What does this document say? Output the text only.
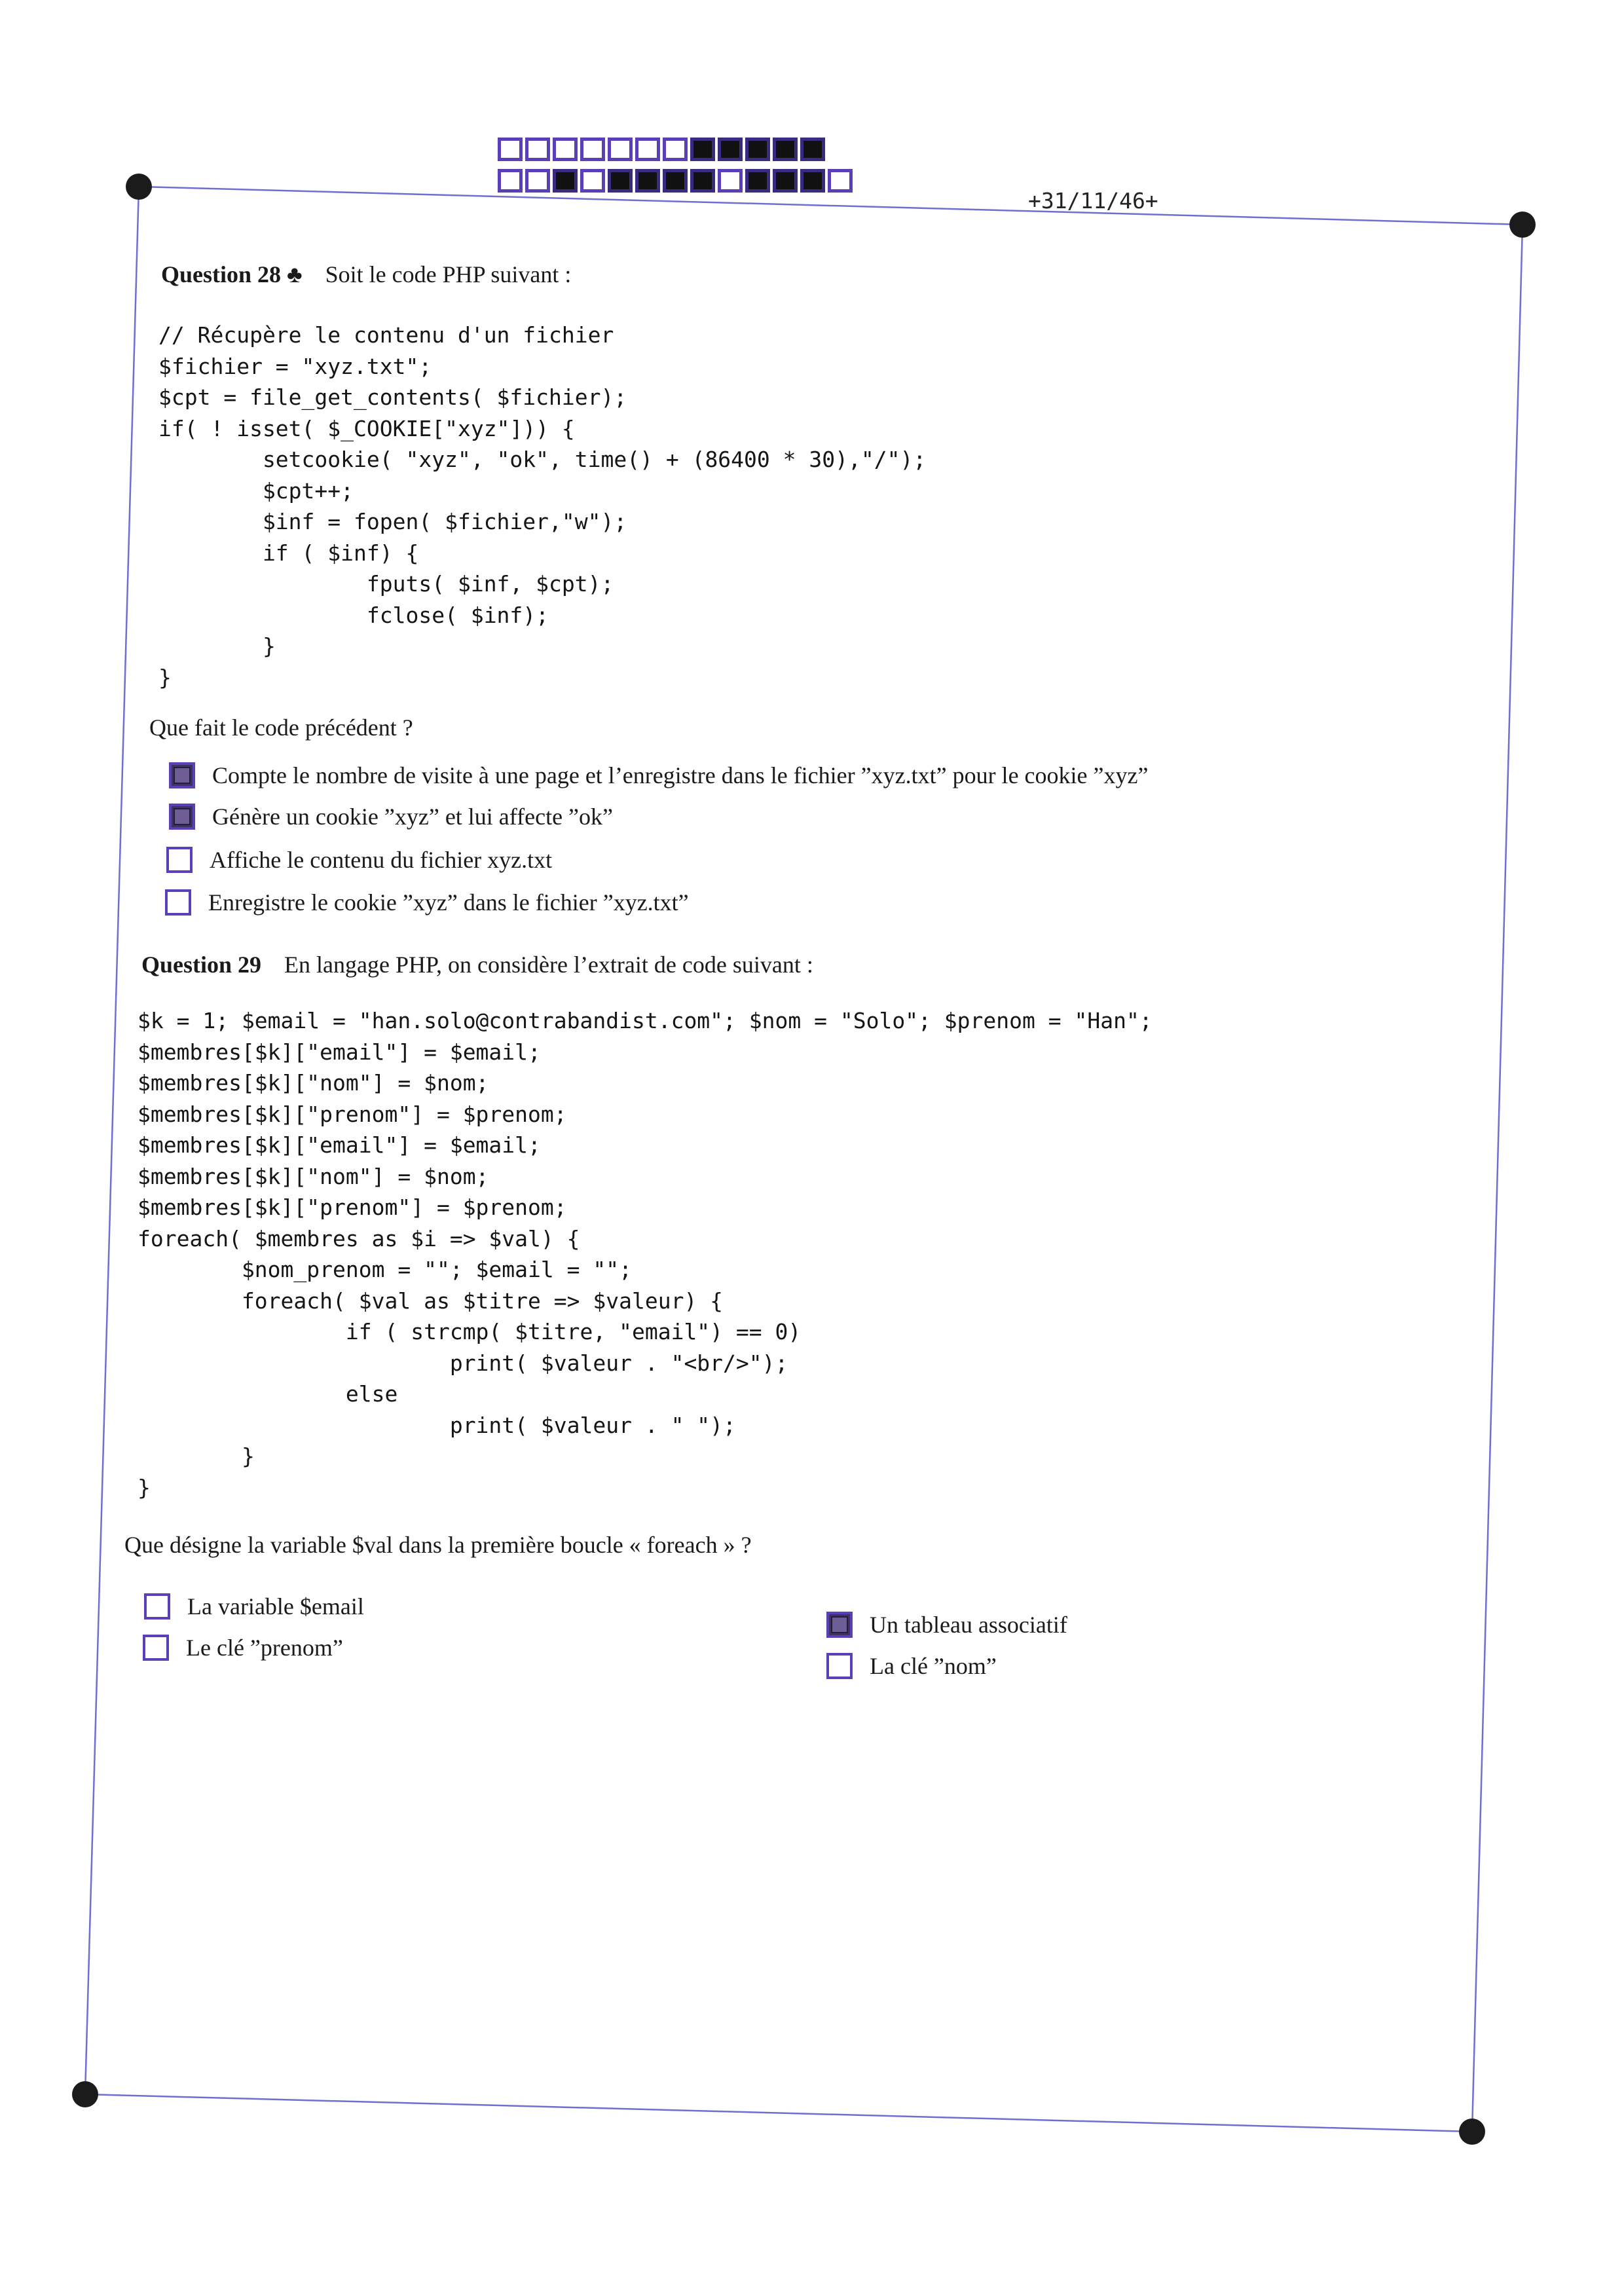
+31/11/46+
Question 28 ♣ Soit le code PHP suivant :
// Récupère le contenu d'un fichier
$fichier = "xyz.txt";
$cpt = file_get_contents( $fichier);
if( ! isset( $_COOKIE["xyz"])) {
setcookie( "xyz", "ok", time() + (86400 * 30),"/");
$cpt++;
$inf = fopen( $fichier,"w");
if ( $inf) {
fputs( $inf, $cpt);
fclose( $inf);
}
}
Que fait le code précédent ?
Compte le nombre de visite à une page et l’enregistre dans le fichier ”xyz.txt” pour le cookie ”xyz”
Génère un cookie ”xyz” et lui affecte ”ok”
Affiche le contenu du fichier xyz.txt
Enregistre le cookie ”xyz” dans le fichier ”xyz.txt”
Question 29 En langage PHP, on considère l’extrait de code suivant :
$k = 1; $email = "han.solo@contrabandist.com"; $nom = "Solo"; $prenom = "Han";
$membres[$k]["email"] = $email;
$membres[$k]["nom"] = $nom;
$membres[$k]["prenom"] = $prenom;
$membres[$k]["email"] = $email;
$membres[$k]["nom"] = $nom;
$membres[$k]["prenom"] = $prenom;
foreach( $membres as $i => $val) {
$nom_prenom = ""; $email = "";
foreach( $val as $titre => $valeur) {
if ( strcmp( $titre, "email") == 0)
print( $valeur . "<br/>");
else
print( $valeur . " ");
}
}
Que désigne la variable $val dans la première boucle « foreach » ?
La variable $email
Le clé ”prenom”
Un tableau associatif
La clé ”nom”
